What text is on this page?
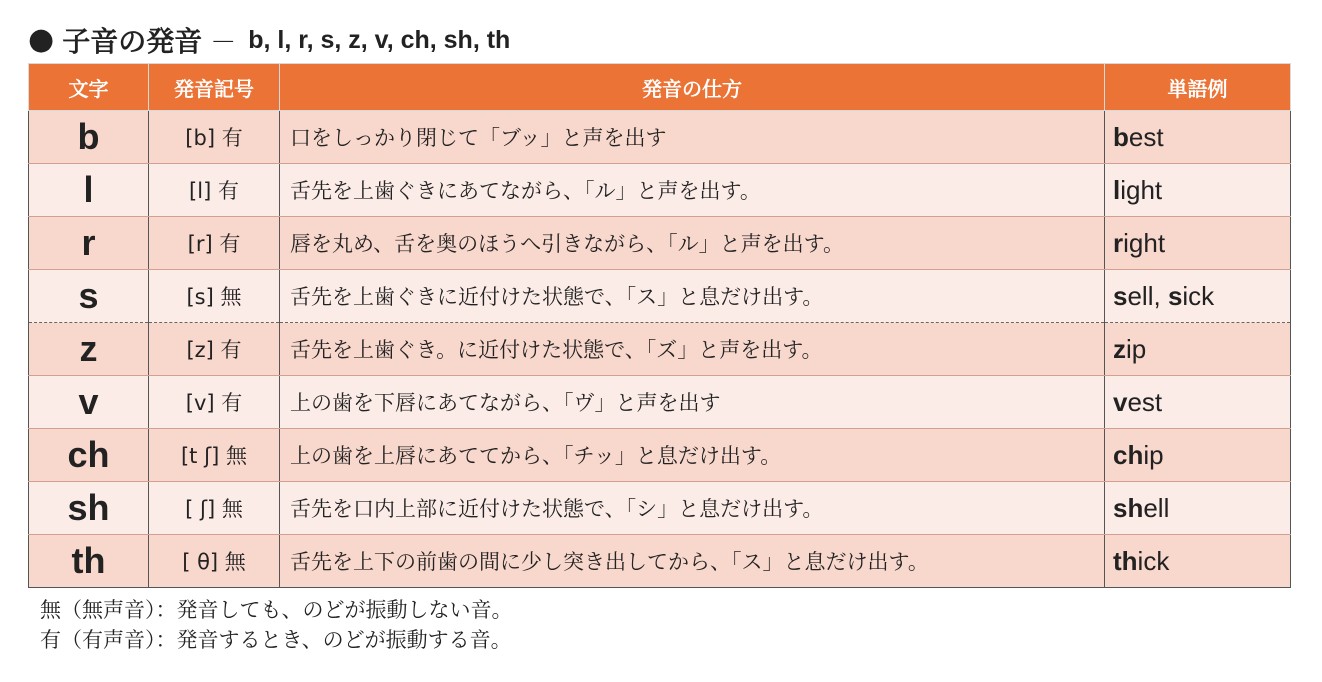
● 子音の発音 － b, l, r, s, z, v, ch, sh, th
文字	発音記号	発音の仕方	単語例
b	[b] 有	口をしっかり閉じて「ブッ」と声を出す	best
l	[l] 有	舌先を上歯ぐきにあてながら、「ル」と声を出す。	light
r	[r] 有	唇を丸め、舌を奥のほうへ引きながら、「ル」と声を出す。	right
s	[s] 無	舌先を上歯ぐきに近付けた状態で、「ス」と息だけ出す。	sell, sick
z	[z] 有	舌先を上歯ぐき。に近付けた状態で、「ズ」と声を出す。	zip
v	[v] 有	上の歯を下唇にあてながら、「ヴ」と声を出す	vest
ch	[t ʃ] 無	上の歯を上唇にあててから、「チッ」と息だけ出す。	chip
sh	[ ʃ] 無	舌先を口内上部に近付けた状態で、「シ」と息だけ出す。	shell
th	[ θ] 無	舌先を上下の前歯の間に少し突き出してから、「ス」と息だけ出す。	thick
無（無声音）：発音しても、のどが振動しない音。
有（有声音）：発音するとき、のどが振動する音。
